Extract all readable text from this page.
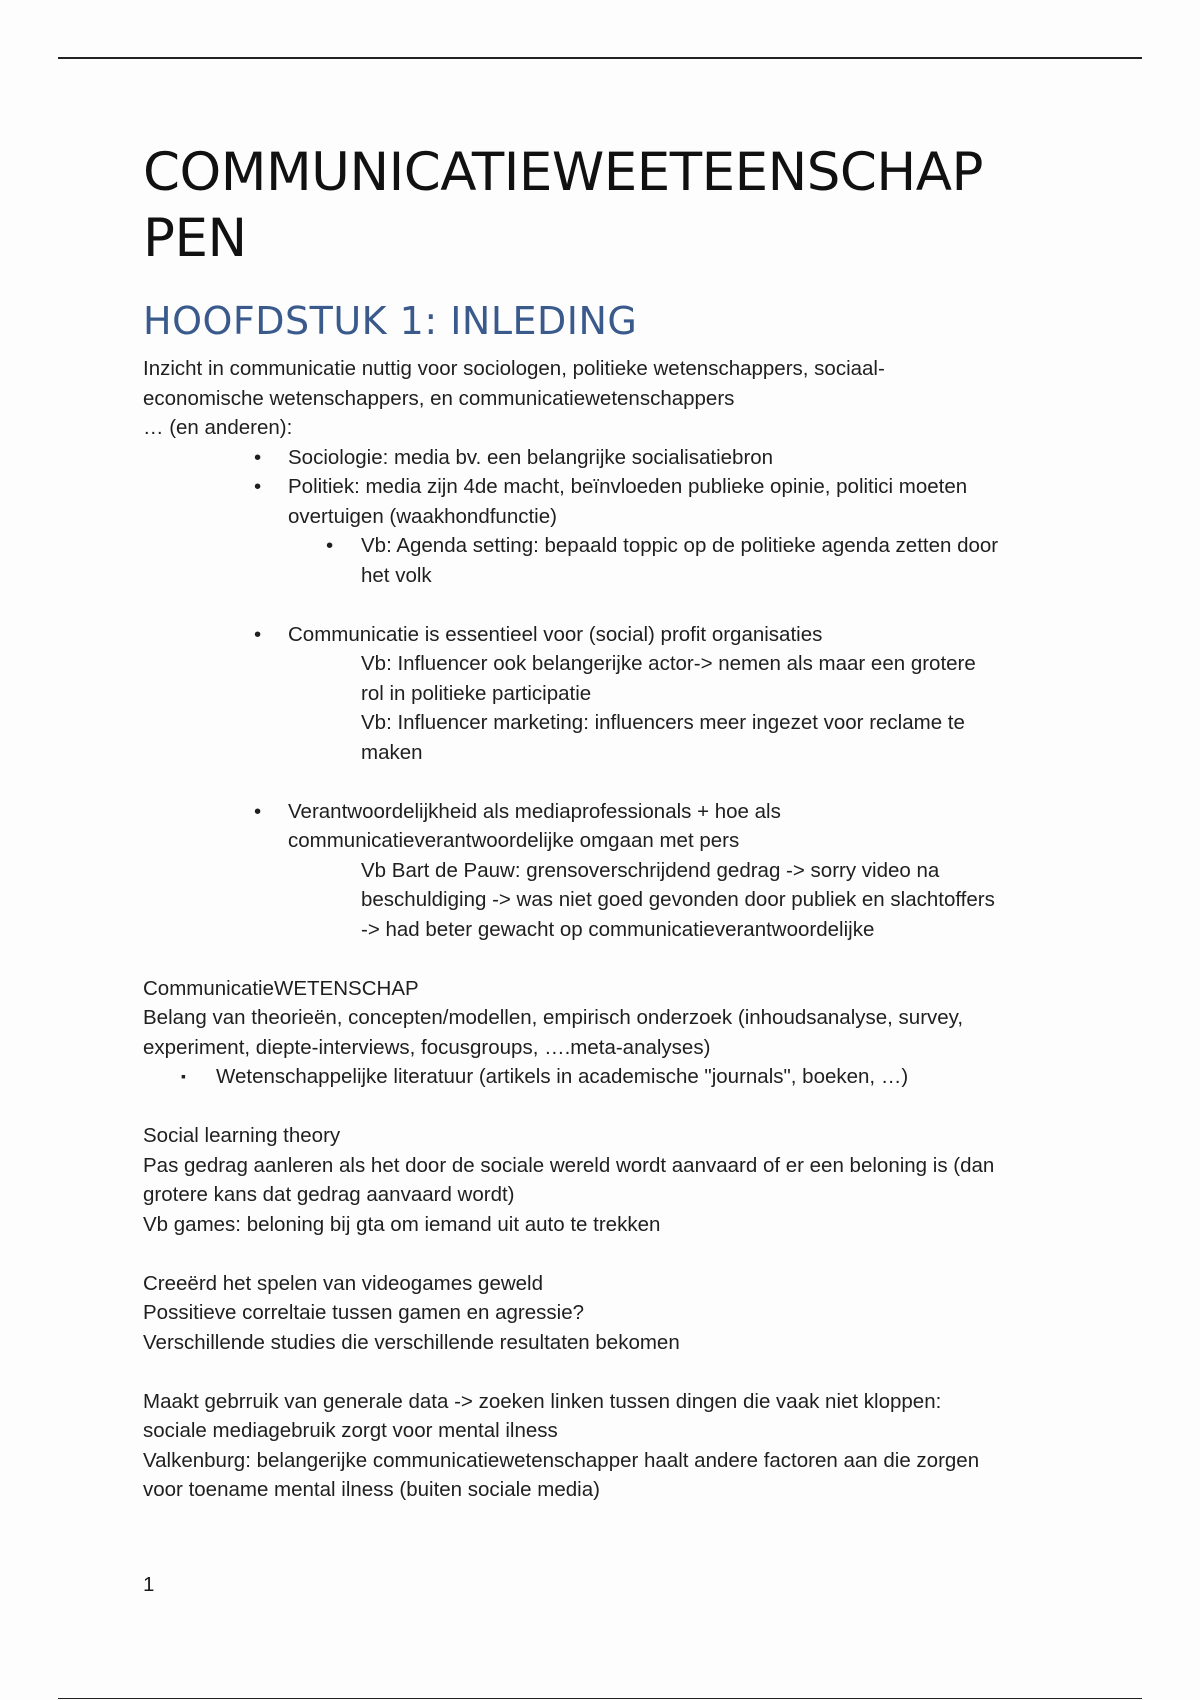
COMMUNICATIEWEETEENSCHAP
PEN
HOOFDSTUK 1: INLEDING

Inzicht in communicatie nuttig voor sociologen, politieke wetenschappers, sociaal-

economische wetenschappers, en communicatiewetenschappers

… (en anderen):

• Sociologie: media bv. een belangrijke socialisatiebron
• Politiek: media zijn 4de macht, beïnvloeden publieke opinie, politici moeten
overtuigen (waakhondfunctie)
• Vb: Agenda setting: bepaald toppic op de politieke agenda zetten door
het volk
• Communicatie is essentieel voor (social) profit organisaties

Vb: Influencer ook belangerijke actor-> nemen als maar een grotere

rol in politieke participatie

Vb: Influencer marketing: influencers meer ingezet voor reclame te

maken

• Verantwoordelijkheid als mediaprofessionals + hoe als
communicatieverantwoordelijke omgaan met pers

Vb Bart de Pauw: grensoverschrijdend gedrag -> sorry video na

beschuldiging -> was niet goed gevonden door publiek en slachtoffers

-> had beter gewacht op communicatieverantwoordelijke

CommunicatieWETENSCHAP

Belang van theorieën, concepten/modellen, empirisch onderzoek (inhoudsanalyse, survey,

experiment, diepte-interviews, focusgroups, ….meta-analyses)

▪ Wetenschappelijke literatuur (artikels in academische "journals", boeken, …)

Social learning theory

Pas gedrag aanleren als het door de sociale wereld wordt aanvaard of er een beloning is (dan

grotere kans dat gedrag aanvaard wordt)

Vb games: beloning bij gta om iemand uit auto te trekken

Creeërd het spelen van videogames geweld

Possitieve correltaie tussen gamen en agressie?

Verschillende studies die verschillende resultaten bekomen

Maakt gebrruik van generale data -> zoeken linken tussen dingen die vaak niet kloppen:

sociale mediagebruik zorgt voor mental ilness

Valkenburg: belangerijke communicatiewetenschapper haalt andere factoren aan die zorgen

voor toename mental ilness (buiten sociale media)

1
